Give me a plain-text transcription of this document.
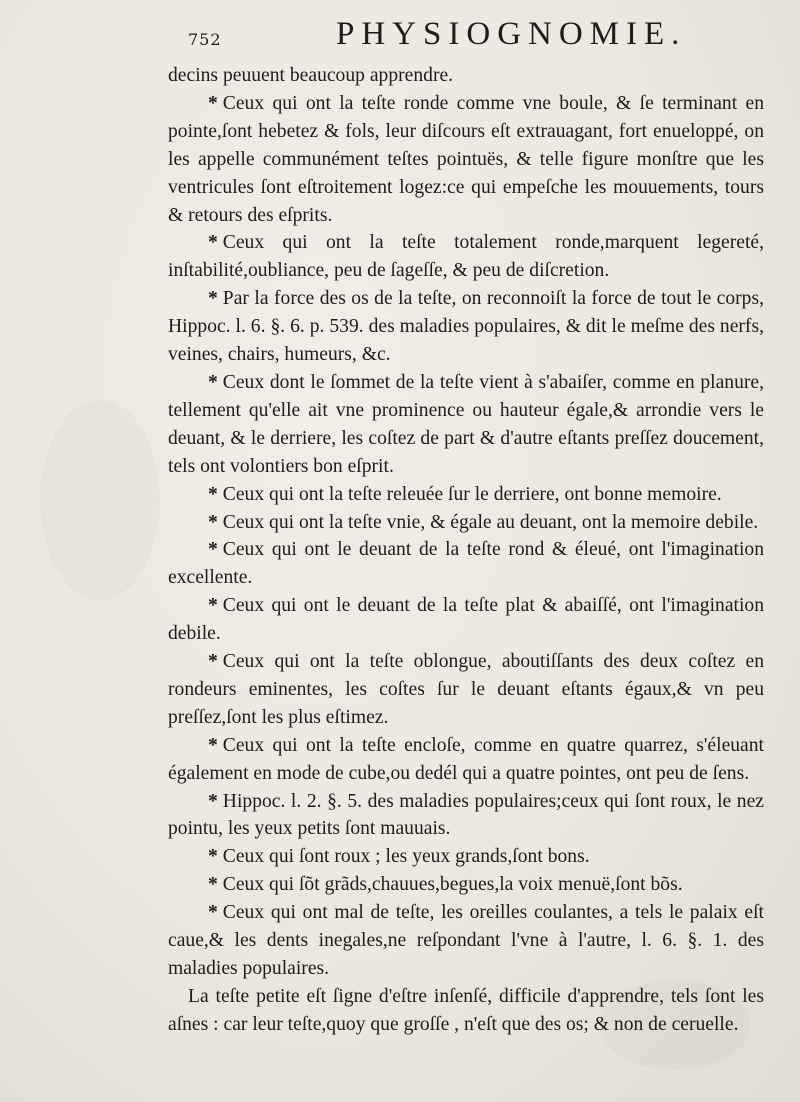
752	PHYSIOGNOMIE.

decins peuuent beaucoup apprendre.

* Ceux qui ont la teſte ronde comme vne boule, & ſe terminant en pointe,ſont hebetez & fols, leur diſcours eſt extrauagant, fort enueloppé, on les appelle communément teſtes pointuës, & telle figure monſtre que les ventricules ſont eſtroitement logez:ce qui empeſche les mouuements, tours & retours des eſprits.

* Ceux qui ont la teſte totalement ronde,marquent legereté, inſtabilité,oubliance, peu de ſageſſe, & peu de diſcretion.

* Par la force des os de la teſte, on reconnoiſt la force de tout le corps, Hippoc. l. 6. §. 6. p. 539. des maladies populaires, & dit le meſme des nerfs, veines, chairs, humeurs, &c.

* Ceux dont le ſommet de la teſte vient à s'abaiſer, comme en planure, tellement qu'elle ait vne prominence ou hauteur égale,& arrondie vers le deuant, & le derriere, les coſtez de part & d'autre eſtants preſſez doucement, tels ont volontiers bon eſprit.

* Ceux qui ont la teſte releuée ſur le derriere, ont bonne memoire.

* Ceux qui ont la teſte vnie, & égale au deuant, ont la memoire debile.

* Ceux qui ont le deuant de la teſte rond & éleué, ont l'imagination excellente.

* Ceux qui ont le deuant de la teſte plat & abaiſſé, ont l'imagination debile.

* Ceux qui ont la teſte oblongue, aboutiſſants des deux coſtez en rondeurs eminentes, les coſtes ſur le deuant eſtants égaux,& vn peu preſſez,ſont les plus eſtimez.

* Ceux qui ont la teſte encloſe, comme en quatre quarrez, s'éleuant également en mode de cube,ou dedél qui a quatre pointes, ont peu de ſens.

* Hippoc. l. 2. §. 5. des maladies populaires;ceux qui ſont roux, le nez pointu, les yeux petits ſont mauuais.

* Ceux qui ſont roux ; les yeux grands,ſont bons.

* Ceux qui ſõt grãds,chauues,begues,la voix menuë,ſont bõs.

* Ceux qui ont mal de teſte, les oreilles coulantes, a tels le palaix eſt caue,& les dents inegales,ne reſpondant l'vne à l'autre, l. 6. §. 1. des maladies populaires.

La teſte petite eſt ſigne d'eſtre inſenſé, difficile d'apprendre, tels ſont les aſnes : car leur teſte,quoy que groſſe , n'eſt que des os; & non de ceruelle.
